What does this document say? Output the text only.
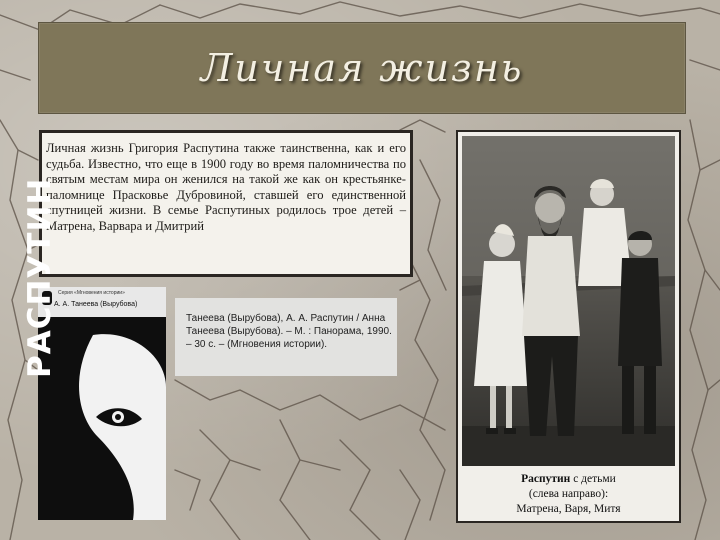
Личная жизнь
Личная жизнь Григория Распутина также таинственна, как и его судьба. Известно, что еще в 1900 году во время паломничества по святым местам мира он женился на такой же как он крестьянке-паломнице Прасковье Дубровиной, ставшей его единственной спутницей жизни. В семье Распутиных родилось трое детей – Матрена, Варвара и Дмитрий
Серия «Мгновения истории»
А. А. Танеева (Вырубова)
РАСПУТИН	Танеева (Вырубова), А. А. Распутин / Анна Танеева (Вырубова). – М. : Панорама, 1990. – 30 с. – (Мгновения истории).
Распутин с детьми
(слева направо):
Матрена, Варя, Митя
